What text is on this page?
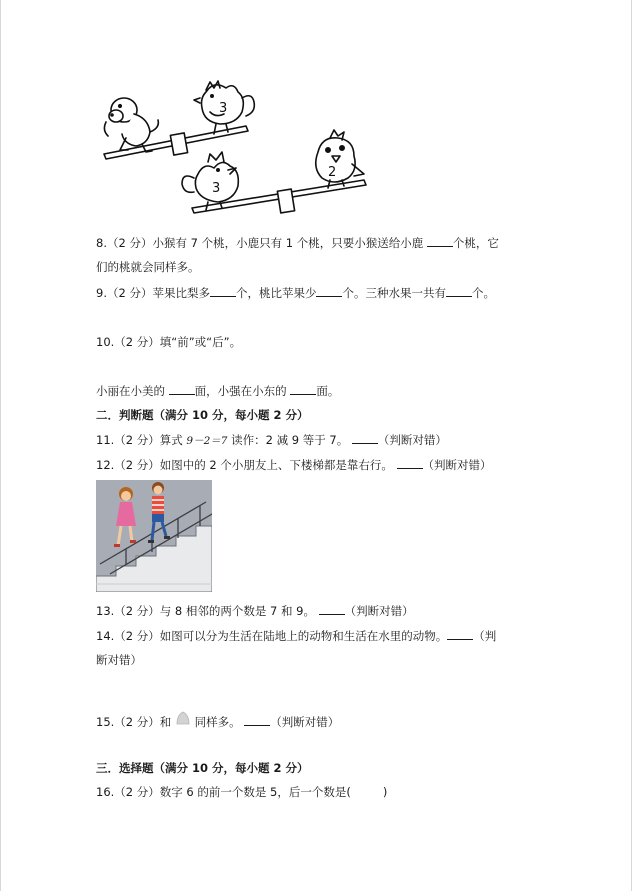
3
3
2
8.（2 分）小猴有 7 个桃，小鹿只有 1 个桃，只要小猴送给小鹿	个桃，它
们的桃就会同样多。
9.（2 分）苹果比梨多 个，桃比苹果少 个。三种水果一共有 个。
10.（2 分）填“前”或“后”。
小丽在小美的	面，小强在小东的	面。
二．判断题（满分 10 分，每小题 2 分）
11.（2 分）算式 9－2＝7 读作：2 减 9 等于 7。	（判断对错）
12.（2 分）如图中的 2 个小朋友上、下楼梯都是靠右行。	（判断对错）
13.（2 分）与 8 相邻的两个数是 7 和 9。	（判断对错）
14.（2 分）如图可以分为生活在陆地上的动物和生活在水里的动物。 （判
断对错）
15.（2 分）和 同样多。	（判断对错）
三．选择题（满分 10 分，每小题 2 分）
16.（2 分）数字 6 的前一个数是 5，后一个数是(	)
